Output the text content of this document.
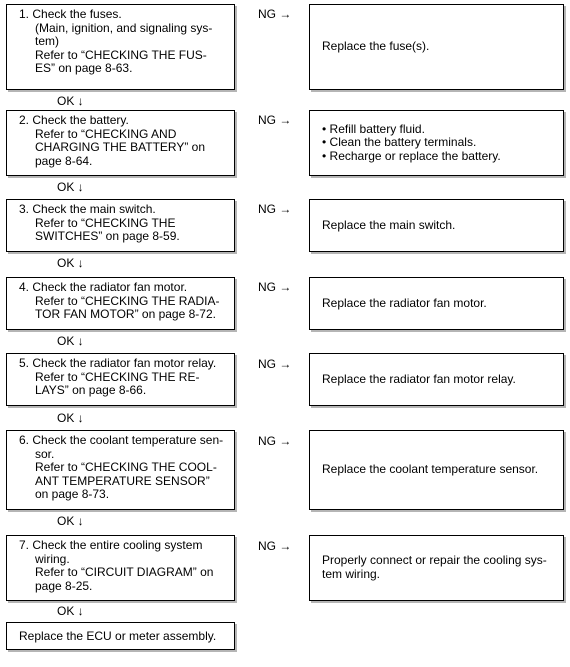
1. Check the fuses.
(Main, ignition, and signaling sys-
tem)
Refer to “CHECKING THE FUS-
ES” on page 8-63.
NG →
Replace the fuse(s).
OK ↓
2. Check the battery.
Refer to “CHECKING AND
CHARGING THE BATTERY” on
page 8-64.
NG →
• Refill battery fluid.
• Clean the battery terminals.
• Recharge or replace the battery.
OK ↓
3. Check the main switch.
Refer to “CHECKING THE
SWITCHES” on page 8-59.
NG →
Replace the main switch.
OK ↓
4. Check the radiator fan motor.
Refer to “CHECKING THE RADIA-
TOR FAN MOTOR” on page 8-72.
NG →
Replace the radiator fan motor.
OK ↓
5. Check the radiator fan motor relay.
Refer to “CHECKING THE RE-
LAYS” on page 8-66.
NG →
Replace the radiator fan motor relay.
OK ↓
6. Check the coolant temperature sen-
sor.
Refer to “CHECKING THE COOL-
ANT TEMPERATURE SENSOR”
on page 8-73.
NG →
Replace the coolant temperature sensor.
OK ↓
7. Check the entire cooling system
wiring.
Refer to “CIRCUIT DIAGRAM” on
page 8-25.
NG →
Properly connect or repair the cooling sys-
tem wiring.
OK ↓
Replace the ECU or meter assembly.
